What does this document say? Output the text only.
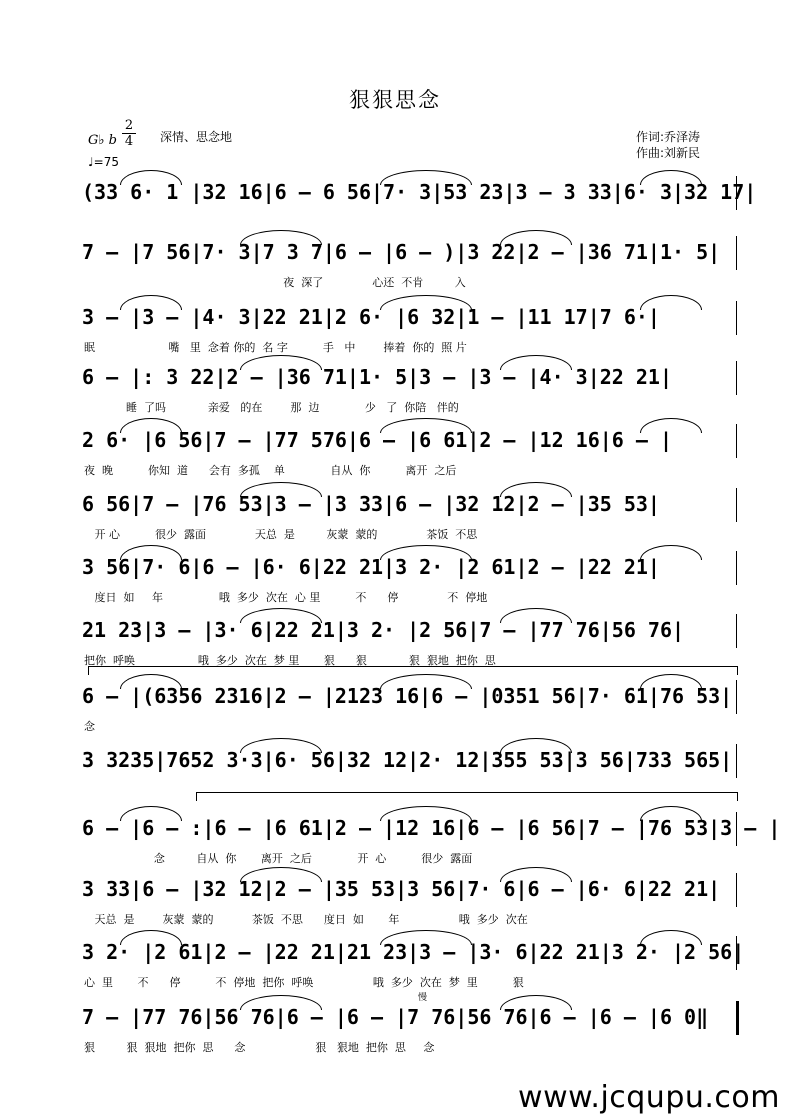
狠狠思念
2
4
G♭ b
♩=75
深情、思念地	作词:乔泽涛
作曲:刘新民
(33 6· 1 |32 16|6 — 6 56|7· 3|53 23|3 — 3 33|6· 3|32 17|
7 — |7 56|7· 3|7 3 7|6 — |6 — )|3 22|2 — |36 71|1· 5|
夜  深了              心还  不肯         入
3 — |3 — |4· 3|22 21|2 6· |6 32|1 — |11 17|7 6·|
眠                     嘴   里  念着 你的  名 字          手   中        捧着  你的  照 片
6 — |: 3 22|2 — |36 71|1· 5|3 — |3 — |4· 3|22 21|
睡  了吗            亲爱   的在        那  边             少   了  你陪   伴的
2 6· |6 56|7 — |77 576|6 — |6 61|2 — |12 16|6 — |
夜  晚          你知  道      会有  多孤    单             自从  你          离开  之后
6 56|7 — |76 53|3 — |3 33|6 — |32 12|2 — |35 53|
开 心          很少  露面              天总  是         灰蒙  蒙的              茶饭  不思
3 56|7· 6|6 — |6· 6|22 21|3 2· |2 61|2 — |22 21|
度日  如     年                哦  多少  次在  心 里          不      停              不  停地
21 23|3 — |3· 6|22 21|3 2· |2 56|7 — |77 76|56 76|
把你  呼唤                  哦  多少  次在  梦 里       狠      狠            狠  狠地  把你  思
6 — |(6356 2316|2 — |2123 16|6 — |0351 56|7· 61|76 53|
念
3 3235|7652 3·3|6· 56|32 12|2· 12|355 53|3 56|733 565|
6 — |6 — :|6 — |6 61|2 — |12 16|6 — |6 56|7 — |76 53|3 — |
念         自从  你       离开  之后             开  心          很少  露面
3 33|6 — |32 12|2 — |35 53|3 56|7· 6|6 — |6· 6|22 21|
天总  是        灰蒙  蒙的           茶饭  不思      度日  如       年                 哦  多少  次在
3 2· |2 61|2 — |22 21|21 23|3 — |3· 6|22 21|3 2· |2 56|
心  里       不      停          不  停地  把你  呼唤                 哦  多少  次在  梦  里          狠
7 — |77 76|56 76|6 — |6 — |7 76|56 76|6 — |6 — |6 0‖
狠         狠  狠地  把你  思      念                    狠   狠地  把你  思     念
慢
www.jcqupu.com
